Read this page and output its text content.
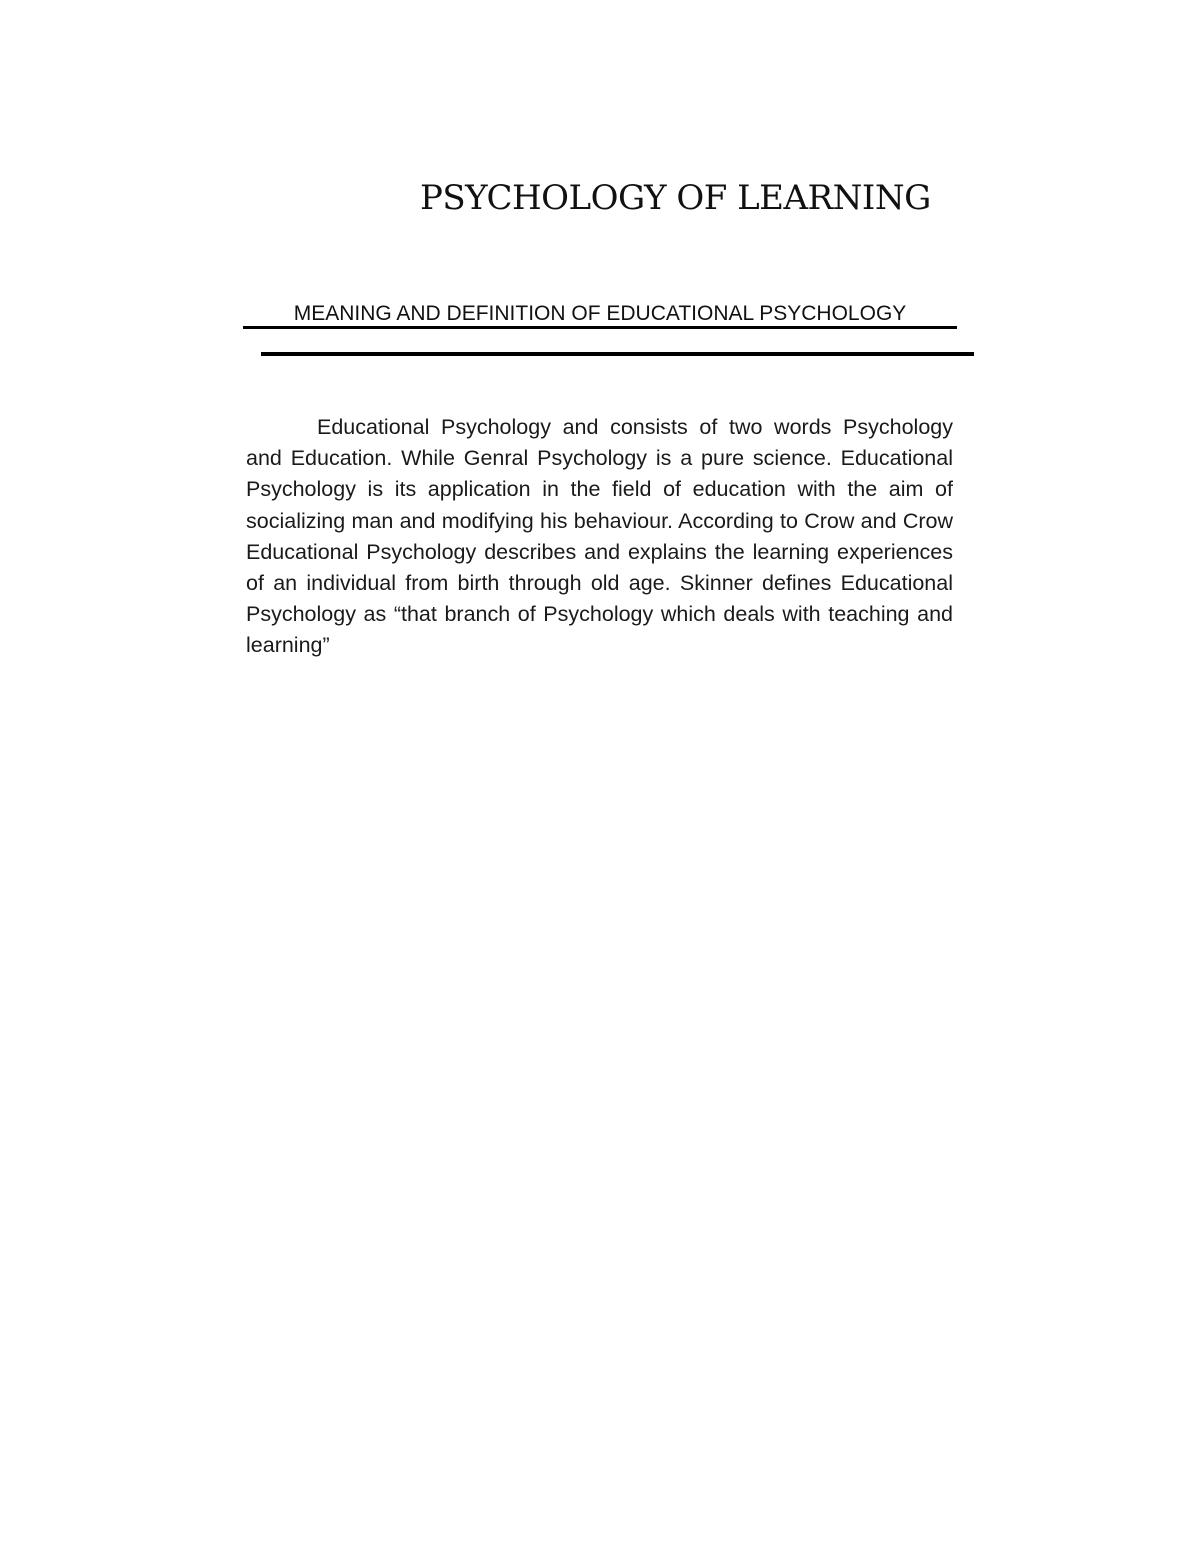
PSYCHOLOGY OF LEARNING
MEANING AND DEFINITION OF EDUCATIONAL PSYCHOLOGY

Educational Psychology and consists of two words Psychology and Education. While Genral Psychology is a pure science. Educational Psychology is its application in the field of education with the aim of socializing man and modifying his behaviour. According to Crow and Crow Educational Psychology describes and explains the learning experiences of an individual from birth through old age. Skinner defines Educational Psychology as “that branch of Psychology which deals with teaching and learning”
